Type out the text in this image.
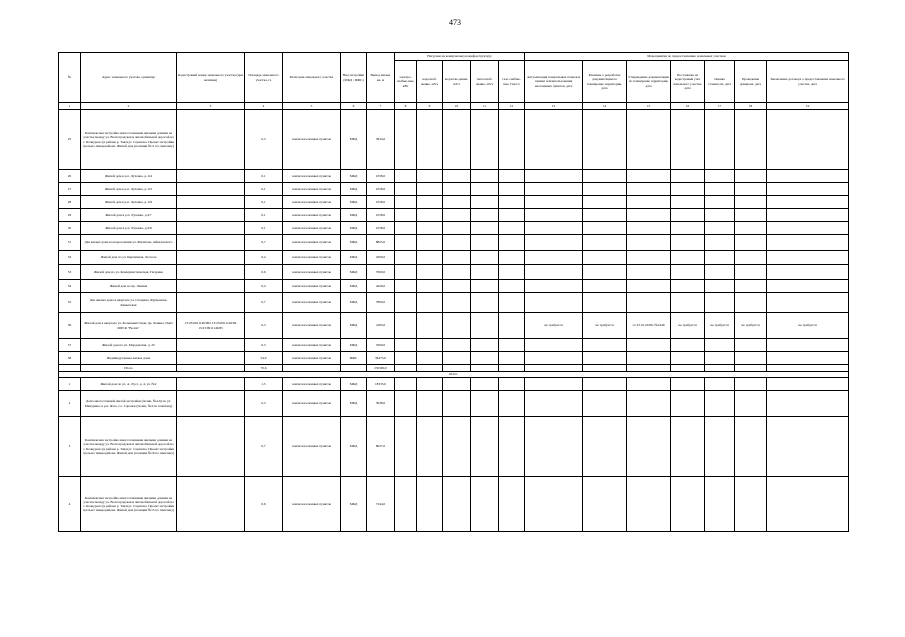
473
№	Адрес земельного участка, ориентир	Кадастровый номер земельного участка (при наличии)	Площадь земельного участка, га	Категория земельного участка	Вид застройки (МКД / ИЖС)	Выход жилья, кв. м	Нагрузки на коммунальную инфраструктуру					Мероприятия по предоставлению земельных участков						
							электро-снабже-ние, кВт	водоснаб-жение, м3/ч	водоотве-дение, м3/ч	теплоснаб-жение, м3/ч	газо-снабже-ние, Гкал/ч	Актуализация генеральных планов и правил землепользования населенных пунктов, дата	Решение о разработке документации по планировке территории, дата	Утверждение документации по планировке территории, дата	Постановка на кадастровый учет земельного участка, дата	Оценка стоимости, дата	Проведение аукциона, дата	Заключение договора о предоставлении земельного участка, дата
1	2	3	4	5	6	7	8	9	10	11	12	13	14	15	16	17	18	19
25	Комплексная застройка многоэтажными жилыми домами на участке между ул. Волгоградская и автомобильной дорогой на с. Кочкурово (в районе р. Тавла) г. Саранска. Проект застройки третьего микрорайона. Жилой дом (позиция №11 по генплану)		0,3	земли населенных пунктов	МКД	3634,0												
26	Жилой дом в р.п. Луховка, д. 4/4		0,1	земли населенных пунктов	МКД	1058,0												
27	Жилой дом в р.п. Луховка, д. 4/5		0,1	земли населенных пунктов	МКД	1058,0												
28	Жилой дом в р.п. Луховка, д. 4/6		0,1	земли населенных пунктов	МКД	1058,0												
29	Жилой дом в р.п. Луховка, д.4/7		0,1	земли населенных пунктов	МКД	1058,0												
30	Жилой дом в р.п. Луховка, д.4/8		0,1	земли населенных пунктов	МКД	1058,0												
31	Два жилых дома на пересечении ул. Филатова, Айвазовского		0,7	земли населенных пунктов	МКД	8825,0												
32	Жилой дом по ул. Кирпичная, Лесхоза		0,4	земли населенных пунктов	МКД	4500,0												
33	Жилой дом по ул. Коммунистическая, Гагарина		0,6	земли населенных пунктов	МКД	7000,0												
34	Жилой дом по пр. Ленина		0,4	земли населенных пунктов	МКД	4429,0												
35	Два жилых дома в квартале ул. Гагарина, Фурманова, Кавказская		0,7	земли населенных пунктов	МКД	7800,0												
36	Жилой дом в квартале ул. Большевистская, пр. Ленина, ПАО МРСК "Волги"	13:23:0911146:962 13:23:0911146:84 13:23:0911146:85	0,3	земли населенных пунктов	МКД	4183,0						не требуется	не требуется	от 23.10.2018г. №2446	не требуется	не требуется	не требуется	не требуется
37	Жилой дом по ул. Мордовская, д. 25		0,3	земли населенных пунктов	МКД	3500,0												
38	Индивидуальные жилые дома		54,0	земли населенных пунктов	ИЖС	36473,0												
	Итого		70,6			235300,0												
2024 г.																		
1	Жилой дом по ул. А. Лусс, д. 4, ул. №2		1,5	земли населенных пунктов	МКД	18335,0												
2	Дома многоэтажной жилой застройки (позиц. №4-6) по ул. Мичурина, в р.п. Ялга, г.о. Саранск (позиц. №4 по генплану)		0,3	земли населенных пунктов	МКД	3938,0												
3	Комплексная застройка многоэтажными жилыми домами на участке между ул. Волгоградская и автомобильной дорогой на с. Кочкурово (в районе р. Тавла) г. Саранска. Проект застройки третьего микрорайона. Жилой дом (позиция №16 по генплану)		0,7	земли населенных пунктов	МКД	8027,0												
4	Комплексная застройка многоэтажными жилыми домами на участке между ул. Волгоградская и автомобильной дорогой на с. Кочкурово (в районе р. Тавла) г. Саранска. Проект застройки третьего микрорайона. Жилой дом (позиция №15 по генплану)		0,6	земли населенных пунктов	МКД	7244,0												
